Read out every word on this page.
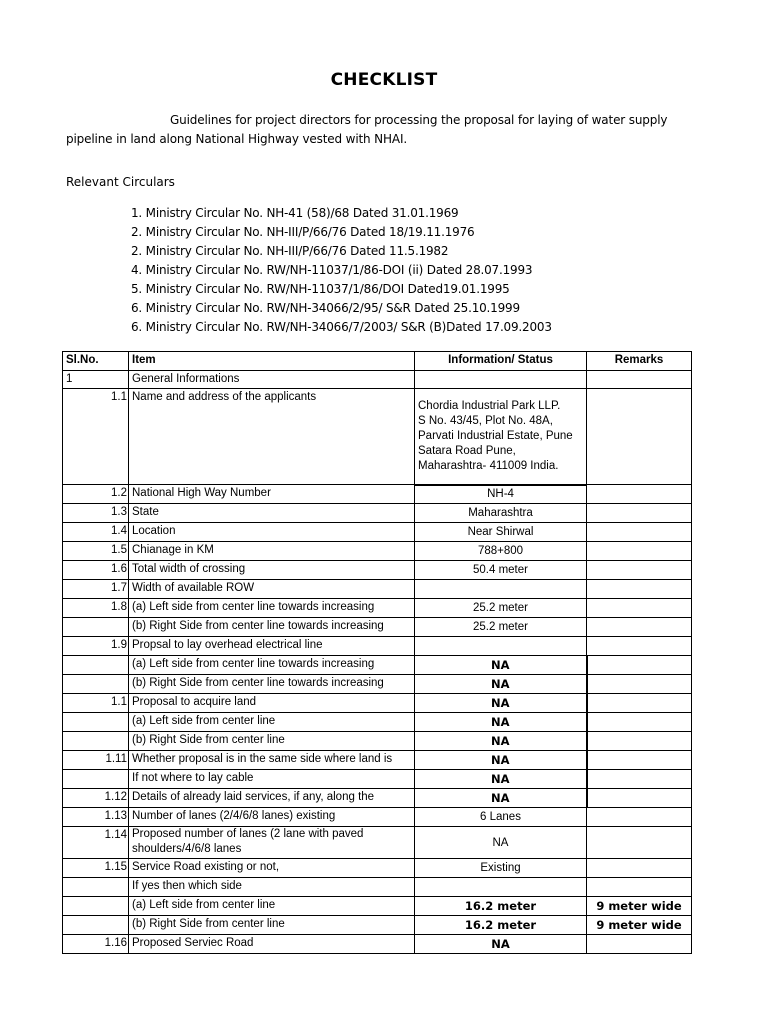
CHECKLIST
Guidelines for project directors for processing the proposal for laying of water supply
pipeline in land along National Highway vested with NHAI.
Relevant Circulars
1. Ministry Circular No. NH-41 (58)/68 Dated 31.01.1969
2. Ministry Circular No. NH-III/P/66/76 Dated 18/19.11.1976
2. Ministry Circular No. NH-III/P/66/76 Dated 11.5.1982
4. Ministry Circular No. RW/NH-11037/1/86-DOI (ii) Dated 28.07.1993
5. Ministry Circular No. RW/NH-11037/1/86/DOI Dated19.01.1995
6. Ministry Circular No. RW/NH-34066/2/95/ S&R Dated 25.10.1999
6. Ministry Circular No. RW/NH-34066/7/2003/ S&R (B)Dated 17.09.2003
Sl.No.	Item	Information/ Status	Remarks
1	General Informations		
1.1	Name and address of the applicants	Chordia Industrial Park LLP.
S No. 43/45, Plot No. 48A,
Parvati Industrial Estate, Pune
Satara Road Pune,
Maharashtra- 411009 India.	

1.2	National High Way Number	NH-4	
1.3	State	Maharashtra	
1.4	Location	Near Shirwal	
1.5	Chianage in KM	788+800	
1.6	Total width of crossing	50.4 meter	
1.7	Width of available ROW		
1.8	(a) Left side from center line towards increasing	25.2 meter	
	(b) Right Side from center line towards increasing	25.2 meter	
1.9	Propsal to lay overhead electrical line		
	(a) Left side from center line towards increasing	NA	
	(b) Right Side from center line towards increasing	NA	
1.1	Proposal to acquire land	NA	
	(a) Left side from center line	NA	
	(b) Right Side from center line	NA	
1.11	Whether proposal is in the same side where land is	NA	
	If not where to lay cable	NA	
1.12	Details of already laid services, if any, along the	NA	
1.13	Number of lanes (2/4/6/8 lanes) existing	6 Lanes	
1.14	Proposed number of lanes (2 lane with paved shoulders/4/6/8 lanes	NA	
1.15	Service Road existing or not,	Existing	
	If yes then which side		
	(a) Left side from center line	16.2 meter	9 meter wide
	(b) Right Side from center line	16.2 meter	9 meter wide
1.16	Proposed Serviec Road	NA	
